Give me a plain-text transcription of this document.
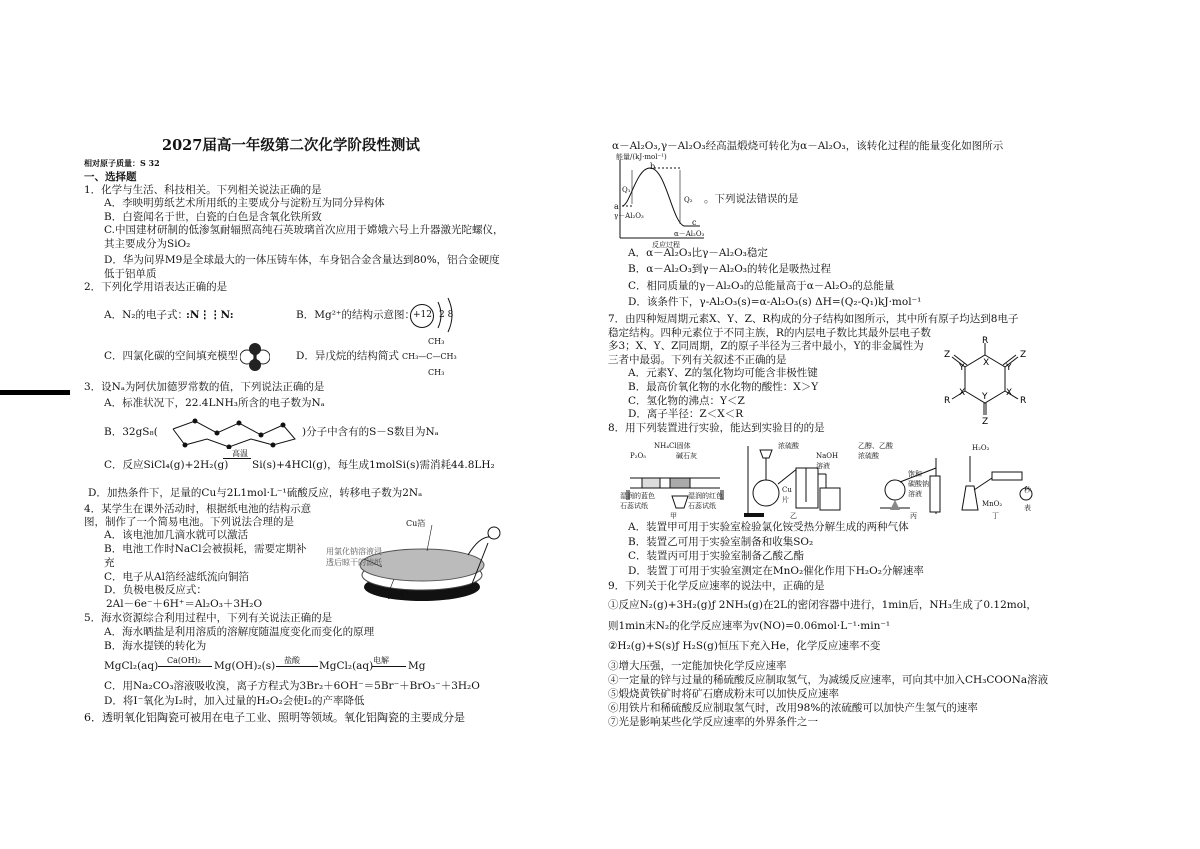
2027届高一年级第二次化学阶段性测试
相对原子质量：S 32
一、选择题
1．化学与生活、科技相关。下列相关说法正确的是
A．李映明剪纸艺术所用纸的主要成分与淀粉互为同分异构体
B．白瓷闻名于世，白瓷的白色是含氧化铁所致
C.中国建材研制的低渗氢耐辐照高纯石英玻璃首次应用于嫦娥六号上升器激光陀螺仪，
其主要成分为SiO₂
D．华为问界M9是全球最大的一体压铸车体，车身铝合金含量达到80%，铝合金硬度
低于铝单质
2．下列化学用语表达正确的是
A．N₂的电子式：
:N⋮⋮N:	B．Mg²⁺的结构示意图：
+12 2 8
C．四氯化碳的空间填充模型	D．异戊烷的结构简式
CH₃
CH₃—C—CH₃
CH₃
3．设Nₐ为阿伏加德罗常数的值，下列说法正确的是
A．标准状况下，22.4LNH₃所含的电子数为Nₐ
B．32gS₈(	)分子中含有的S－S数目为Nₐ
C．反应SiCl₄(g)+2H₂(g)
高温
Si(s)+4HCl(g)，每生成1molSi(s)需消耗44.8LH₂
D．加热条件下，足量的Cu与2L1mol·L⁻¹硫酸反应，转移电子数为2Nₐ
4．某学生在课外活动时，根据纸电池的结构示意
图，制作了一个简易电池。下列说法合理的是
A．该电池加几滴水就可以激活
B．电池工作时NaCl会被损耗，需要定期补
充
C．电子从Al箔经滤纸流向铜箔
D．负极电极反应式：
2Al－6e⁻＋6H⁺＝Al₂O₃＋3H₂O
Cu箔
用氯化钠溶液浸
透后晾干的滤纸
Al箔
5．海水资源综合利用过程中，下列有关说法正确的是
A．海水晒盐是利用溶质的溶解度随温度变化而变化的原理
B．海水提镁的转化为
MgCl₂(aq) Ca(OH)₂ Mg(OH)₂(s) 盐酸 MgCl₂(aq) 电解 Mg
C．用Na₂CO₃溶液吸收溴，离子方程式为3Br₂＋6OH⁻＝5Br⁻＋BrO₃⁻＋3H₂O
D．将I⁻氧化为I₂时，加入过量的H₂O₂会使I₂的产率降低
6．透明氧化铝陶瓷可被用在电子工业、照明等领域。氧化铝陶瓷的主要成分是
α－Al₂O₃,γ－Al₂O₃经高温煅烧可转化为α－Al₂O₃，该转化过程的能量变化如图所示
能量/(kJ·mol⁻¹)
b
Q₁
a
γ－Al₂O₃
Q₂
c
α－Al₂O₃
反应过程
。下列说法错误的是
A．α－Al₂O₃比γ－Al₂O₃稳定
B．α－Al₂O₃到γ－Al₂O₃的转化是吸热过程
C．相同质量的γ－Al₂O₃的总能量高于α－Al₂O₃的总能量
D．该条件下，γ-Al₂O₃(s)=α-Al₂O₃(s) ΔH=(Q₂-Q₁)kJ·mol⁻¹
7．由四种短周期元素X、Y、Z、R构成的分子结构如图所示，其中所有原子均达到8电子
稳定结构。四种元素位于不同主族，R的内层电子数比其最外层电子数
多3；X、Y、Z同周期，Z的原子半径为三者中最小，Y的非金属性为
三者中最弱。下列有关叙述不正确的是
A．元素Y、Z的氢化物均可能含非极性键
B．最高价氧化物的水化物的酸性：X＞Y
C．氢化物的沸点：Y＜Z
D．离子半径：Z＜X＜R
R
Z	Z
X
Y	Y
X	X
R	R
Y
Z
8．用下列装置进行实验，能达到实验目的的是
NH₄Cl固体
P₂O₅	碱石灰
湿润的蓝色
石蕊试纸
湿润的红色
石蕊试纸
甲
浓硫酸
NaOH
溶液
Cu
片
乙
乙醇、乙酸
浓硫酸
饱和
碳酸钠
溶液
丙
H₂O₂
MnO₂
秒
表
丁
A．装置甲可用于实验室检验氯化铵受热分解生成的两种气体
B．装置乙可用于实验室制备和收集SO₂
C．装置丙可用于实验室制备乙酸乙酯
D．装置丁可用于实验室测定在MnO₂催化作用下H₂O₂分解速率
9．下列关于化学反应速率的说法中，正确的是
①反应N₂(g)+3H₂(g)ƒ 2NH₃(g)在2L的密闭容器中进行，1min后，NH₃生成了0.12mol，
则1min末N₂的化学反应速率为v(NO)=0.06mol·L⁻¹·min⁻¹
②H₂(g)+S(s)ƒ H₂S(g)恒压下充入He，化学反应速率不变
③增大压强，一定能加快化学反应速率
④一定量的锌与过量的稀硫酸反应制取氢气，为减缓反应速率，可向其中加入CH₃COONa溶液
⑤煅烧黄铁矿时将矿石磨成粉末可以加快反应速率
⑥用铁片和稀硫酸反应制取氢气时，改用98%的浓硫酸可以加快产生氢气的速率
⑦光是影响某些化学反应速率的外界条件之一
